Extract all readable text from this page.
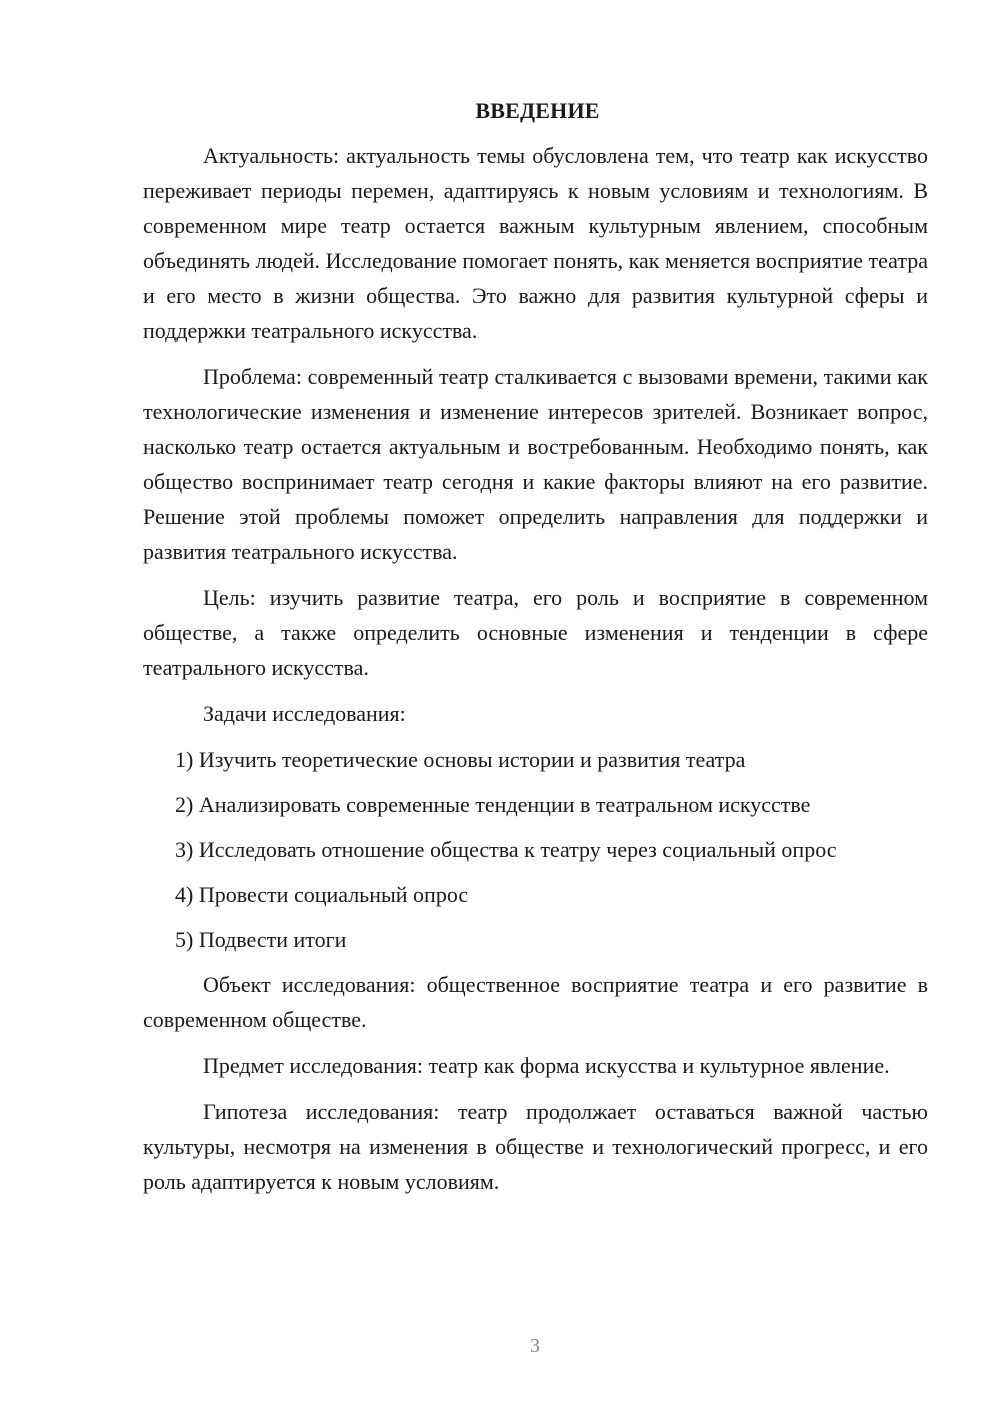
ВВЕДЕНИЕ

Актуальность: актуальность темы обусловлена тем, что театр как искусство переживает периоды перемен, адаптируясь к новым условиям и технологиям. В современном мире театр остается важным культурным явлением, способным объединять людей. Исследование помогает понять, как меняется восприятие театра и его место в жизни общества. Это важно для развития культурной сферы и поддержки театрального искусства.

Проблема: современный театр сталкивается с вызовами времени, такими как технологические изменения и изменение интересов зрителей. Возникает вопрос, насколько театр остается актуальным и востребованным. Необходимо понять, как общество воспринимает театр сегодня и какие факторы влияют на его развитие. Решение этой проблемы поможет определить направления для поддержки и развития театрального искусства.

Цель: изучить развитие театра, его роль и восприятие в современном обществе, а также определить основные изменения и тенденции в сфере театрального искусства.

Задачи исследования:

1) Изучить теоретические основы истории и развития театра
2) Анализировать современные тенденции в театральном искусстве
3) Исследовать отношение общества к театру через социальный опрос
4) Провести социальный опрос
5) Подвести итоги

Объект исследования: общественное восприятие театра и его развитие в современном обществе.

Предмет исследования: театр как форма искусства и культурное явление.

Гипотеза исследования: театр продолжает оставаться важной частью культуры, несмотря на изменения в обществе и технологический прогресс, и его роль адаптируется к новым условиям.

3
